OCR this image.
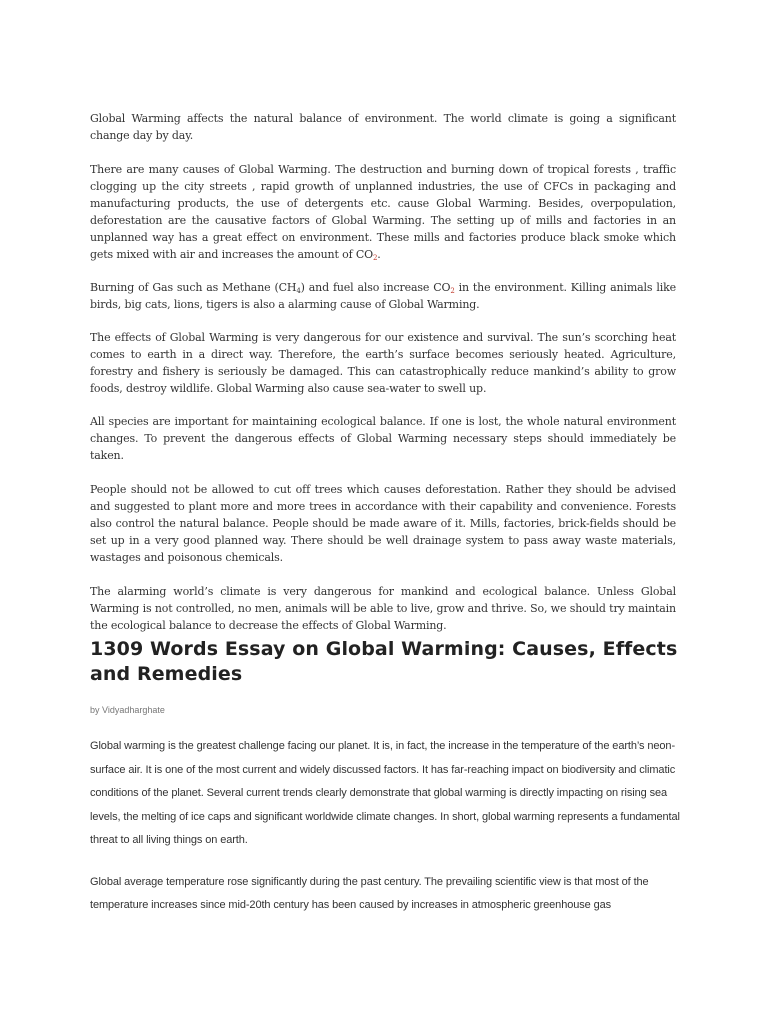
Global Warming affects the natural balance of environment. The world climate is going a significant change day by day.

There are many causes of Global Warming. The destruction and burning down of tropical forests , traffic clogging up the city streets , rapid growth of unplanned industries, the use of CFCs in packaging and manufacturing products, the use of detergents etc. cause Global Warming. Besides, overpopulation, deforestation are the causative factors of Global Warming. The setting up of mills and factories in an unplanned way has a great effect on environment. These mills and factories produce black smoke which gets mixed with air and increases the amount of $CO_2$.

Burning of Gas such as Methane $(CH_4)$ and fuel also increase $CO_2$ in the environment. Killing animals like birds, big cats, lions, tigers is also a alarming cause of Global Warming.

The effects of Global Warming is very dangerous for our existence and survival. The sun’s scorching heat comes to earth in a direct way. Therefore, the earth’s surface becomes seriously heated. Agriculture, forestry and fishery is seriously be damaged. This can catastrophically reduce mankind’s ability to grow foods, destroy wildlife. Global Warming also cause sea-water to swell up.

All species are important for maintaining ecological balance. If one is lost, the whole natural environment changes. To prevent the dangerous effects of Global Warming necessary steps should immediately be taken.

People should not be allowed to cut off trees which causes deforestation. Rather they should be advised and suggested to plant more and more trees in accordance with their capability and convenience. Forests also control the natural balance. People should be made aware of it. Mills, factories, brick-fields should be set up in a very good planned way. There should be well drainage system to pass away waste materials, wastages and poisonous chemicals.

The alarming world’s climate is very dangerous for mankind and ecological balance. Unless Global Warming is not controlled, no men, animals will be able to live, grow and thrive. So, we should try maintain the ecological balance to decrease the effects of Global Warming.

1309 Words Essay on Global Warming: Causes, Effects and Remedies

by Vidyadharghate

Global warming is the greatest challenge facing our planet. It is, in fact, the increase in the temperature of the earth’s neon- surface air. It is one of the most current and widely discussed factors. It has far-reaching impact on biodiversity and climatic conditions of the planet. Several current trends clearly demonstrate that global warming is directly impacting on rising sea levels, the melting of ice caps and significant worldwide climate changes. In short, global warming represents a fundamental threat to all living things on earth.

Global average temperature rose significantly during the past century. The prevailing scientific view is that most of the temperature increases since mid-20th century has been caused by increases in atmospheric greenhouse gas
